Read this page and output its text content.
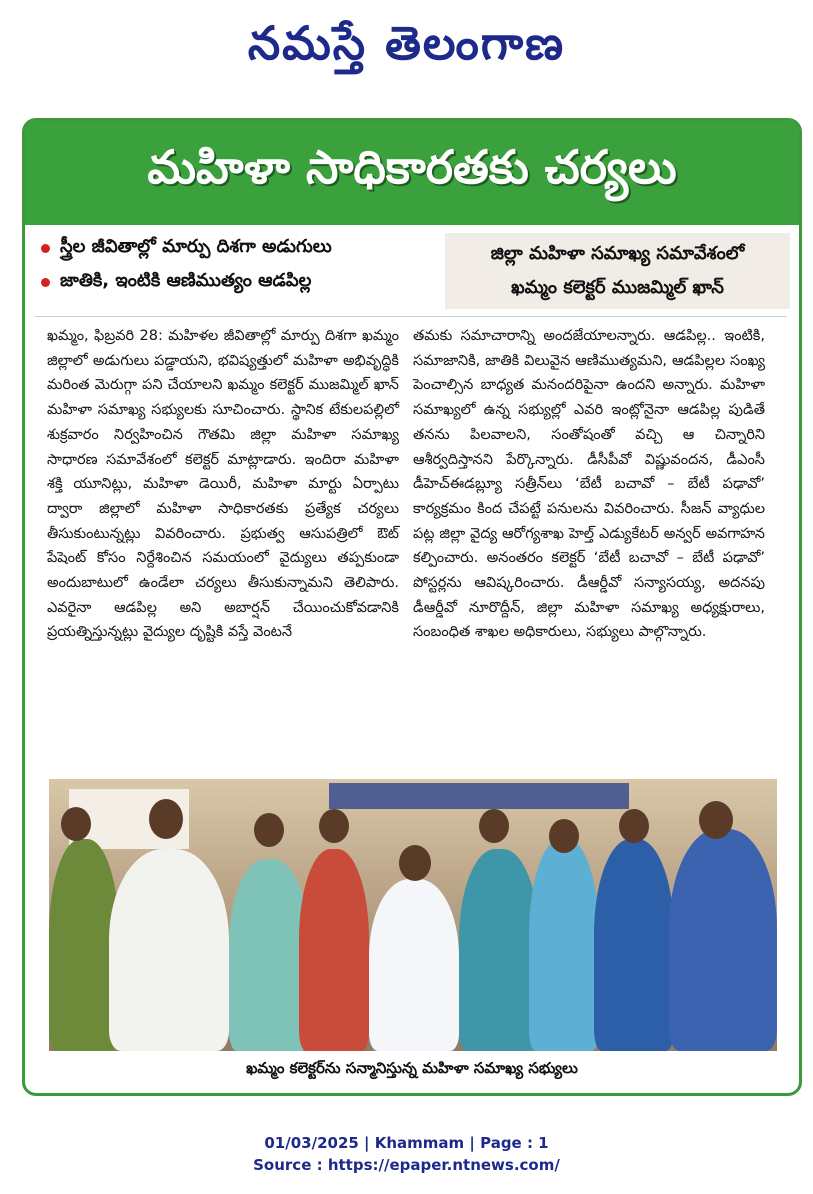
నమస్తే తెలంగాణ
మహిళా సాధికారతకు చర్యలు
స్త్రీల జీవితాల్లో మార్పు దిశగా అడుగులు
జాతికి, ఇంటికి ఆణిముత్యం ఆడపిల్ల
జిల్లా మహిళా సమాఖ్య సమావేశంలో
ఖమ్మం కలెక్టర్ ముజమ్మిల్ ఖాన్
ఖమ్మం, ఫిబ్రవరి 28: మహిళల జీవితాల్లో మార్పు దిశగా ఖమ్మం జిల్లాలో అడుగులు పడ్డాయని, భవిష్యత్తులో మహిళా అభివృద్ధికి మరింత మెరుగ్గా పని చేయాలని ఖమ్మం కలెక్టర్ ముజమ్మిల్ ఖాన్ మహిళా సమాఖ్య సభ్యులకు సూచించారు. స్థానిక టేకులపల్లిలో శుక్రవారం నిర్వహించిన గౌతమి జిల్లా మహిళా సమాఖ్య సాధారణ సమావేశంలో కలెక్టర్ మాట్లాడారు. ఇందిరా మహిళా శక్తి యూనిట్లు, మహిళా డెయిరీ, మహిళా మార్టు ఏర్పాటు ద్వారా జిల్లాలో మహిళా సాధికారతకు ప్రత్యేక చర్యలు తీసుకుంటున్నట్లు వివరించారు. ప్రభుత్వ ఆసుపత్రిలో ఔట్ పేషెంట్ కోసం నిర్దేశించిన సమయంలో వైద్యులు తప్పకుండా అందుబాటులో ఉండేలా చర్యలు తీసుకున్నామని తెలిపారు. ఎవరైనా ఆడపిల్ల అని అబార్షన్ చేయించుకోవడానికి ప్రయత్నిస్తున్నట్లు వైద్యుల దృష్టికి వస్తే వెంటనే
తమకు సమాచారాన్ని అందజేయాలన్నారు. ఆడపిల్ల.. ఇంటికి, సమాజానికి, జాతికి విలువైన ఆణిముత్యమని, ఆడపిల్లల సంఖ్య పెంచాల్సిన బాధ్యత మనందరిపైనా ఉందని అన్నారు. మహిళా సమాఖ్యలో ఉన్న సభ్యుల్లో ఎవరి ఇంట్లోనైనా ఆడపిల్ల పుడితే తనను పిలవాలని, సంతోషంతో వచ్చి ఆ చిన్నారిని ఆశీర్వదిస్తానని పేర్కొన్నారు. డీసీపీవో విష్ణువందన, డీఎంసీ డీహెచ్‌ఈడబ్ల్యూ సత్రీన్‌లు ‘బేటీ బచావో – బేటీ పఢావో’ కార్యక్రమం కింద చేపట్టే పనులను వివరించారు. సీజన్ వ్యాధుల పట్ల జిల్లా వైద్య ఆరోగ్యశాఖ హెల్త్ ఎడ్యుకేటర్ అన్వర్ అవగాహన కల్పించారు. అనంతరం కలెక్టర్ ‘బేటీ బచావో – బేటీ పఢావో’ పోస్టర్లను ఆవిష్కరించారు. డీఆర్డీవో సన్యాసయ్య, అదనపు డీఆర్డీవో నూరొద్దీన్, జిల్లా మహిళా సమాఖ్య అధ్యక్షురాలు, సంబంధిత శాఖల అధికారులు, సభ్యులు పాల్గొన్నారు.
ఖమ్మం కలెక్టర్‌ను సన్మానిస్తున్న మహిళా సమాఖ్య సభ్యులు
01/03/2025 | Khammam | Page : 1
Source : https://epaper.ntnews.com/
